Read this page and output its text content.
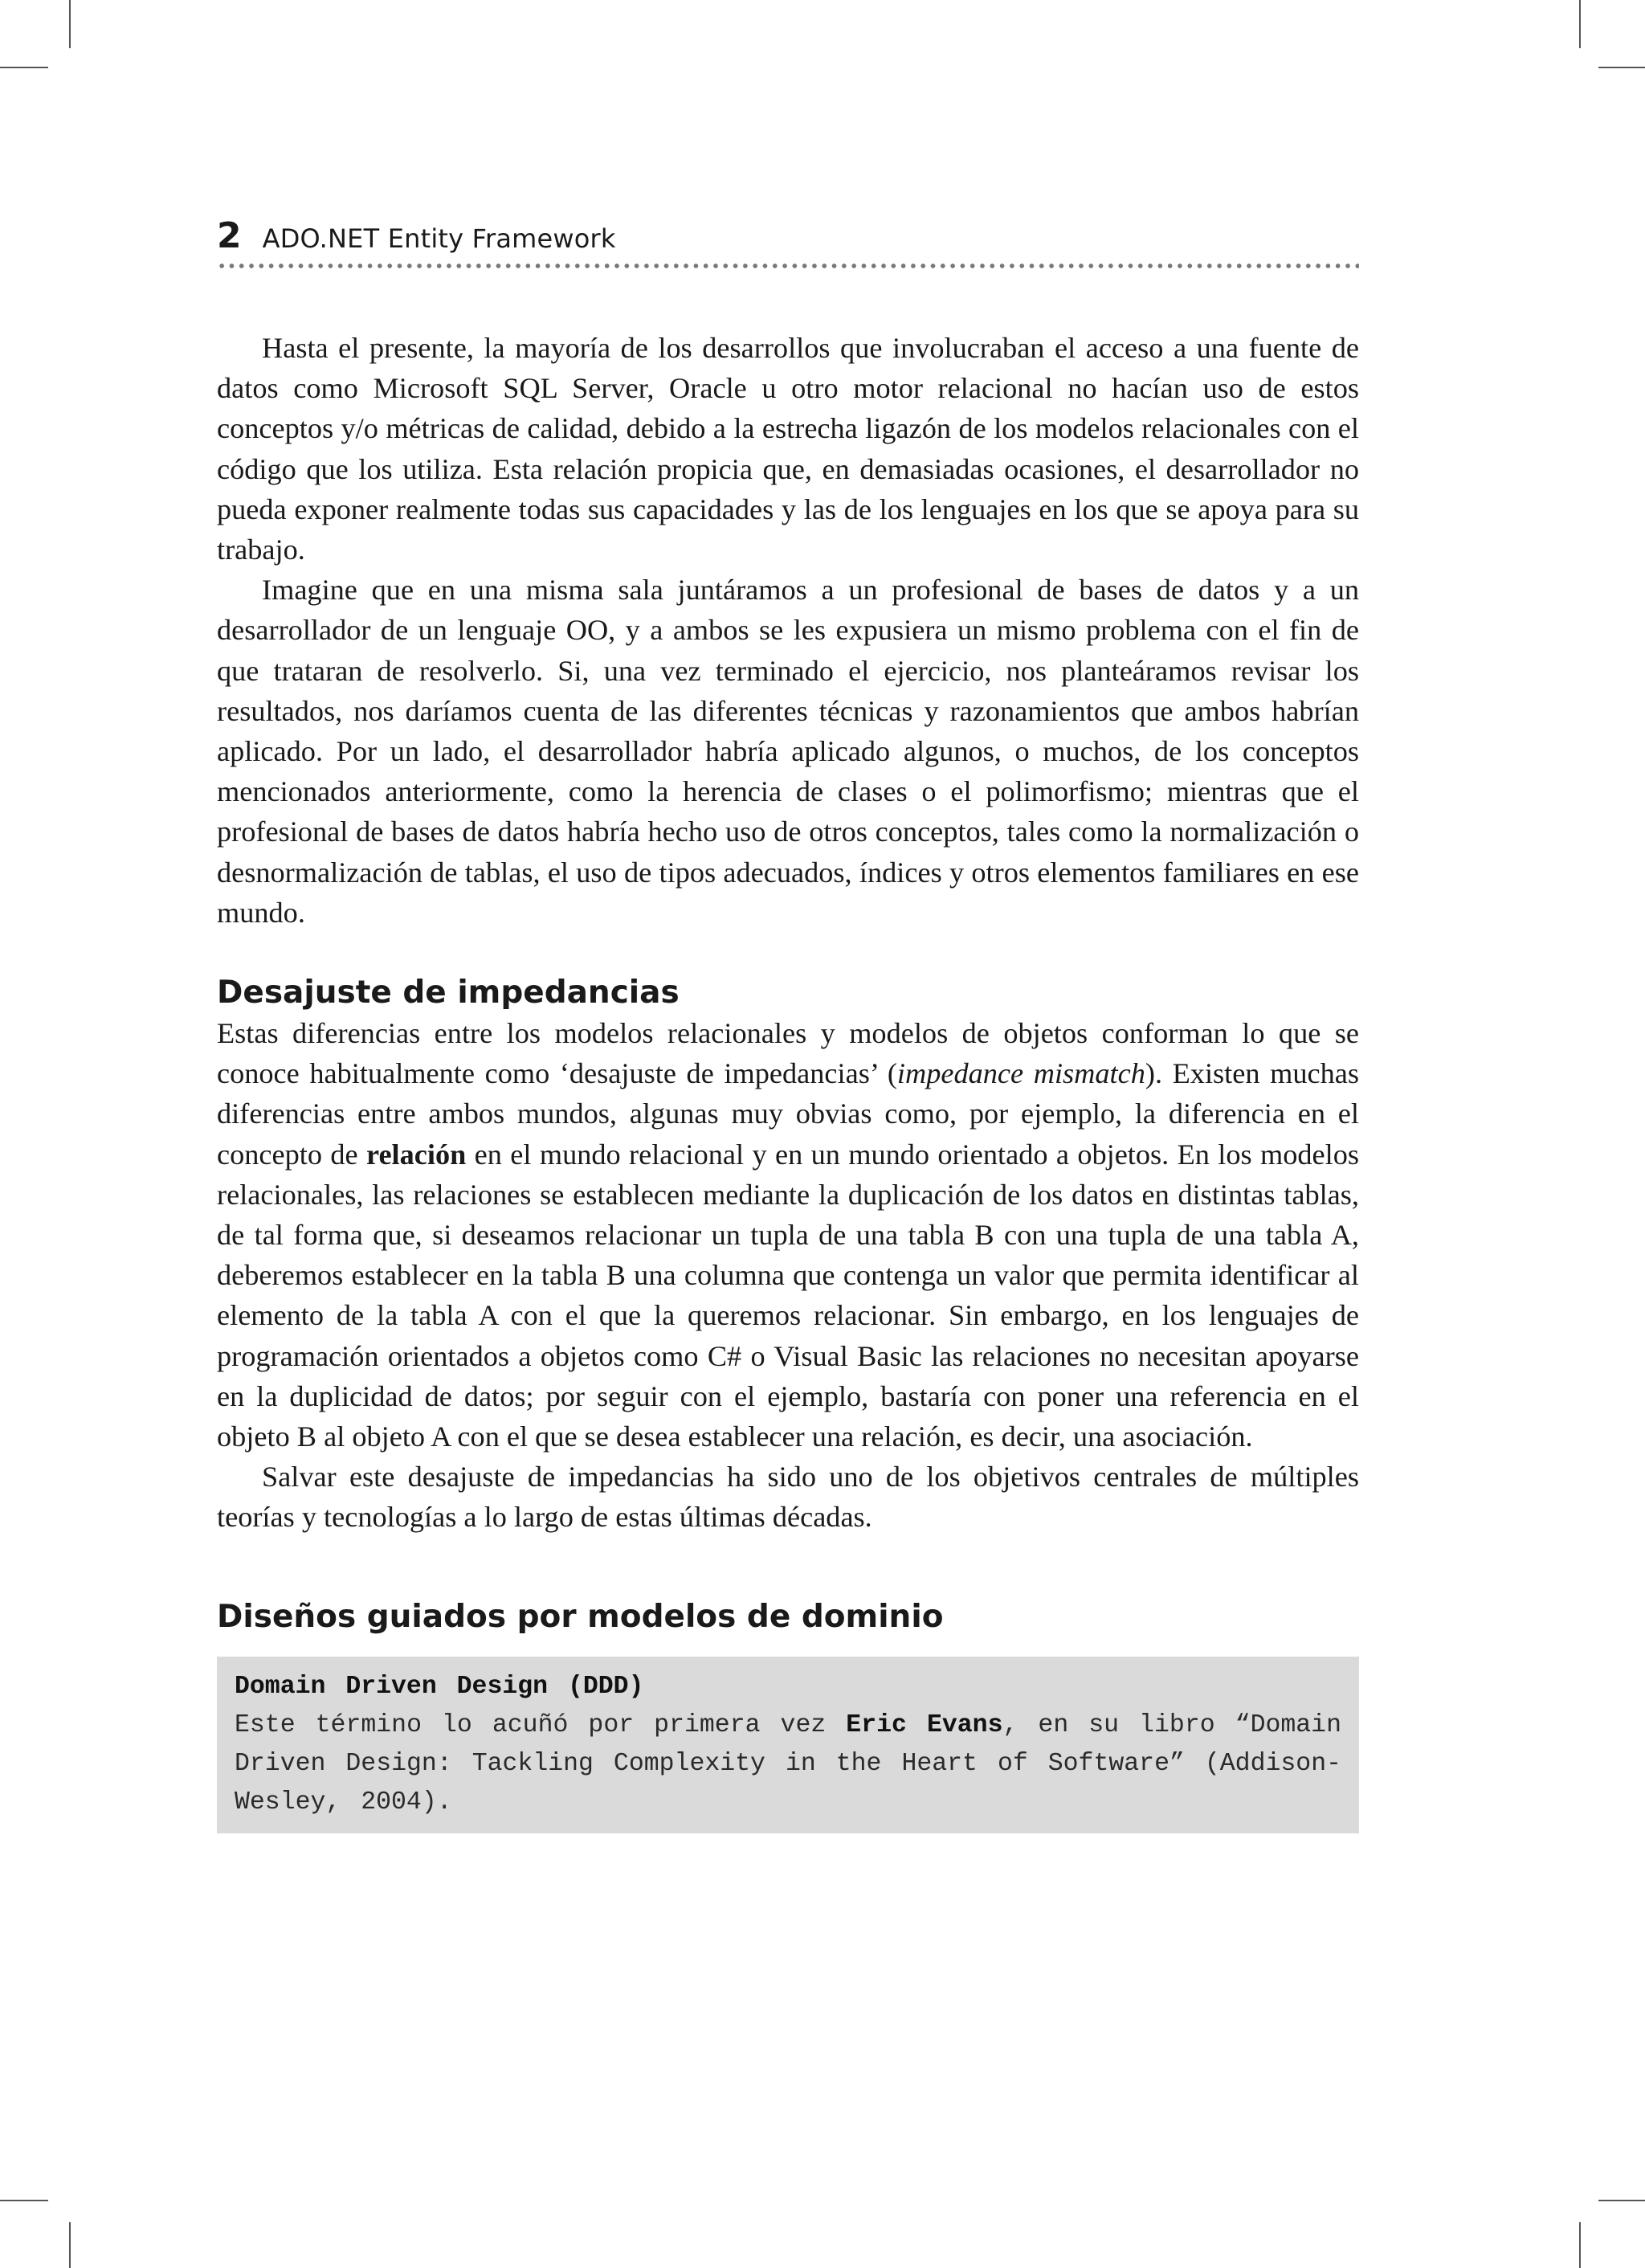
2 ADO.NET Entity Framework

Hasta el presente, la mayoría de los desarrollos que involucraban el acceso a una fuente de datos como Microsoft SQL Server, Oracle u otro motor relacional no hacían uso de estos conceptos y/o métricas de calidad, debido a la estrecha ligazón de los modelos relacionales con el código que los utiliza. Esta relación propicia que, en demasiadas ocasiones, el desarrollador no pueda exponer realmente todas sus capacidades y las de los lenguajes en los que se apoya para su trabajo.

Imagine que en una misma sala juntáramos a un profesional de bases de datos y a un desarrollador de un lenguaje OO, y a ambos se les expusiera un mismo problema con el fin de que trataran de resolverlo. Si, una vez terminado el ejercicio, nos planteáramos revisar los resultados, nos daríamos cuenta de las diferentes técnicas y razonamientos que ambos habrían aplicado. Por un lado, el desarrollador habría aplicado algunos, o muchos, de los conceptos mencionados anteriormente, como la herencia de clases o el polimorfismo; mientras que el profesional de bases de datos habría hecho uso de otros conceptos, tales como la normalización o desnormalización de tablas, el uso de tipos adecuados, índices y otros elementos familiares en ese mundo.

Desajuste de impedancias

Estas diferencias entre los modelos relacionales y modelos de objetos conforman lo que se conoce habitualmente como ‘desajuste de impedancias’ (impedance mismatch). Existen muchas diferencias entre ambos mundos, algunas muy obvias como, por ejemplo, la diferencia en el concepto de relación en el mundo relacional y en un mundo orientado a objetos. En los modelos relacionales, las relaciones se establecen mediante la duplicación de los datos en distintas tablas, de tal forma que, si deseamos relacionar un tupla de una tabla B con una tupla de una tabla A, deberemos establecer en la tabla B una columna que contenga un valor que permita identificar al elemento de la tabla A con el que la queremos relacionar. Sin embargo, en los lenguajes de programación orientados a objetos como C# o Visual Basic las relaciones no necesitan apoyarse en la duplicidad de datos; por seguir con el ejemplo, bastaría con poner una referencia en el objeto B al objeto A con el que se desea establecer una relación, es decir, una asociación.

Salvar este desajuste de impedancias ha sido uno de los objetivos centrales de múltiples teorías y tecnologías a lo largo de estas últimas décadas.

Diseños guiados por modelos de dominio
Domain Driven Design (DDD)
Este término lo acuñó por primera vez Eric Evans, en su libro “Domain Driven Design: Tackling Complexity in the Heart of Software” (Addison-Wesley, 2004).
